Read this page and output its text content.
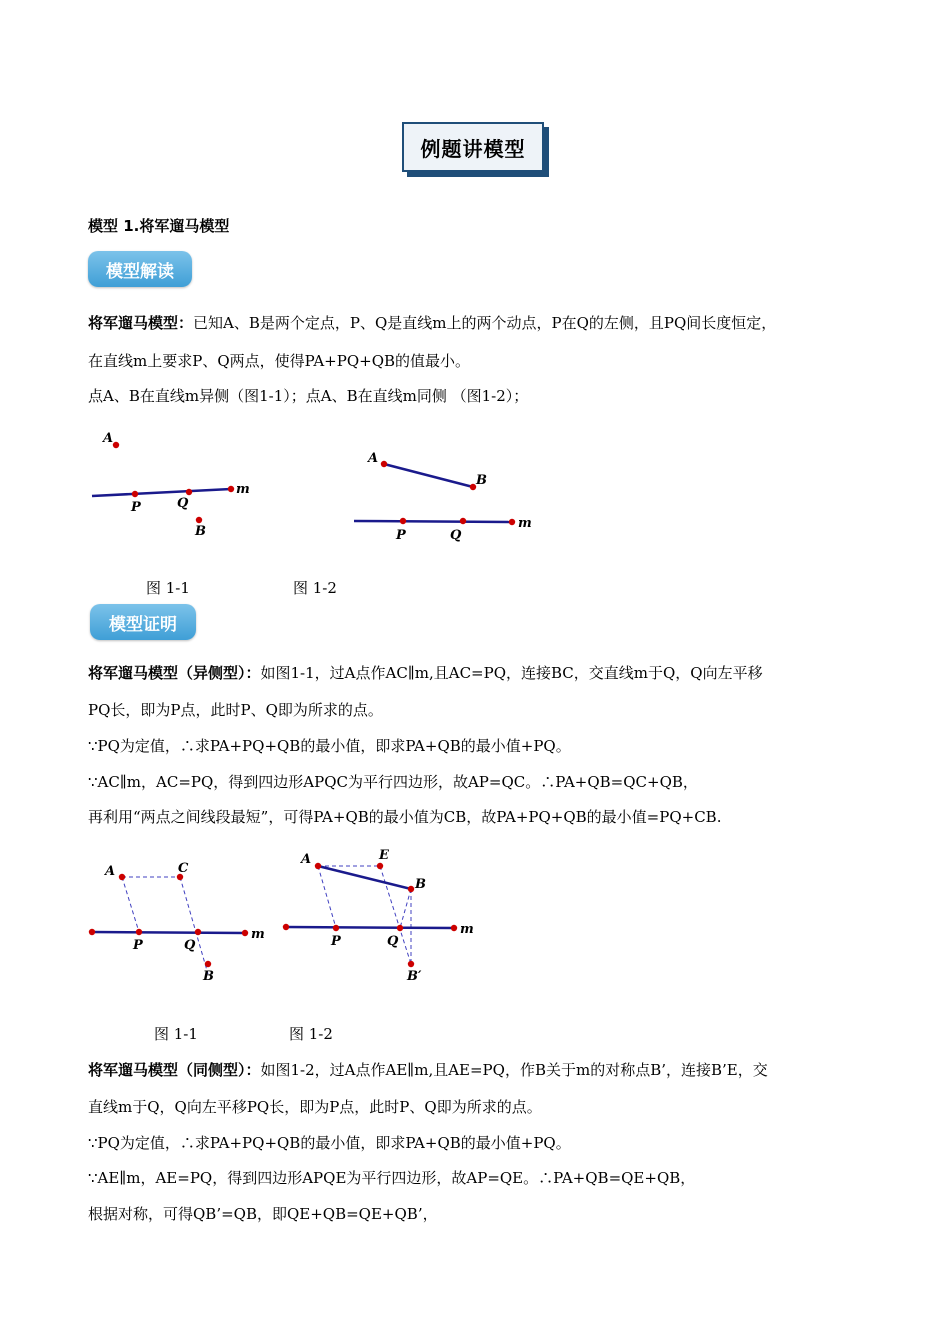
例题讲模型
模型 1.将军遛马模型
模型解读
将军遛马模型：已知A、B是两个定点，P、Q是直线m上的两个动点，P在Q的左侧，且PQ间长度恒定，
在直线m上要求P、Q两点，使得PA+PQ+QB的值最小。
点A、B在直线m异侧（图1-1）；点A、B在直线m同侧 （图1-2）；
A
P	Q
m
B
A
B
P	Q
m
图 1-1	图 1-2
模型证明
将军遛马模型（异侧型）：如图1-1，过A点作AC∥m,且AC=PQ，连接BC，交直线m于Q，Q向左平移
PQ长，即为P点，此时P、Q即为所求的点。
∵PQ为定值，∴求PA+PQ+QB的最小值，即求PA+QB的最小值+PQ。
∵AC∥m，AC=PQ，得到四边形APQC为平行四边形，故AP=QC。∴PA+QB=QC+QB，
再利用“两点之间线段最短”，可得PA+QB的最小值为CB，故PA+PQ+QB的最小值=PQ+CB.
A	C
P	Q
m
B
A	E
B
P	Q
m
B′
图 1-1	图 1-2
将军遛马模型（同侧型）：如图1-2，过A点作AE∥m,且AE=PQ，作B关于m的对称点B’，连接B’E，交
直线m于Q，Q向左平移PQ长，即为P点，此时P、Q即为所求的点。
∵PQ为定值，∴求PA+PQ+QB的最小值，即求PA+QB的最小值+PQ。
∵AE∥m，AE=PQ，得到四边形APQE为平行四边形，故AP=QE。∴PA+QB=QE+QB，
根据对称，可得QB’=QB，即QE+QB=QE+QB’，
